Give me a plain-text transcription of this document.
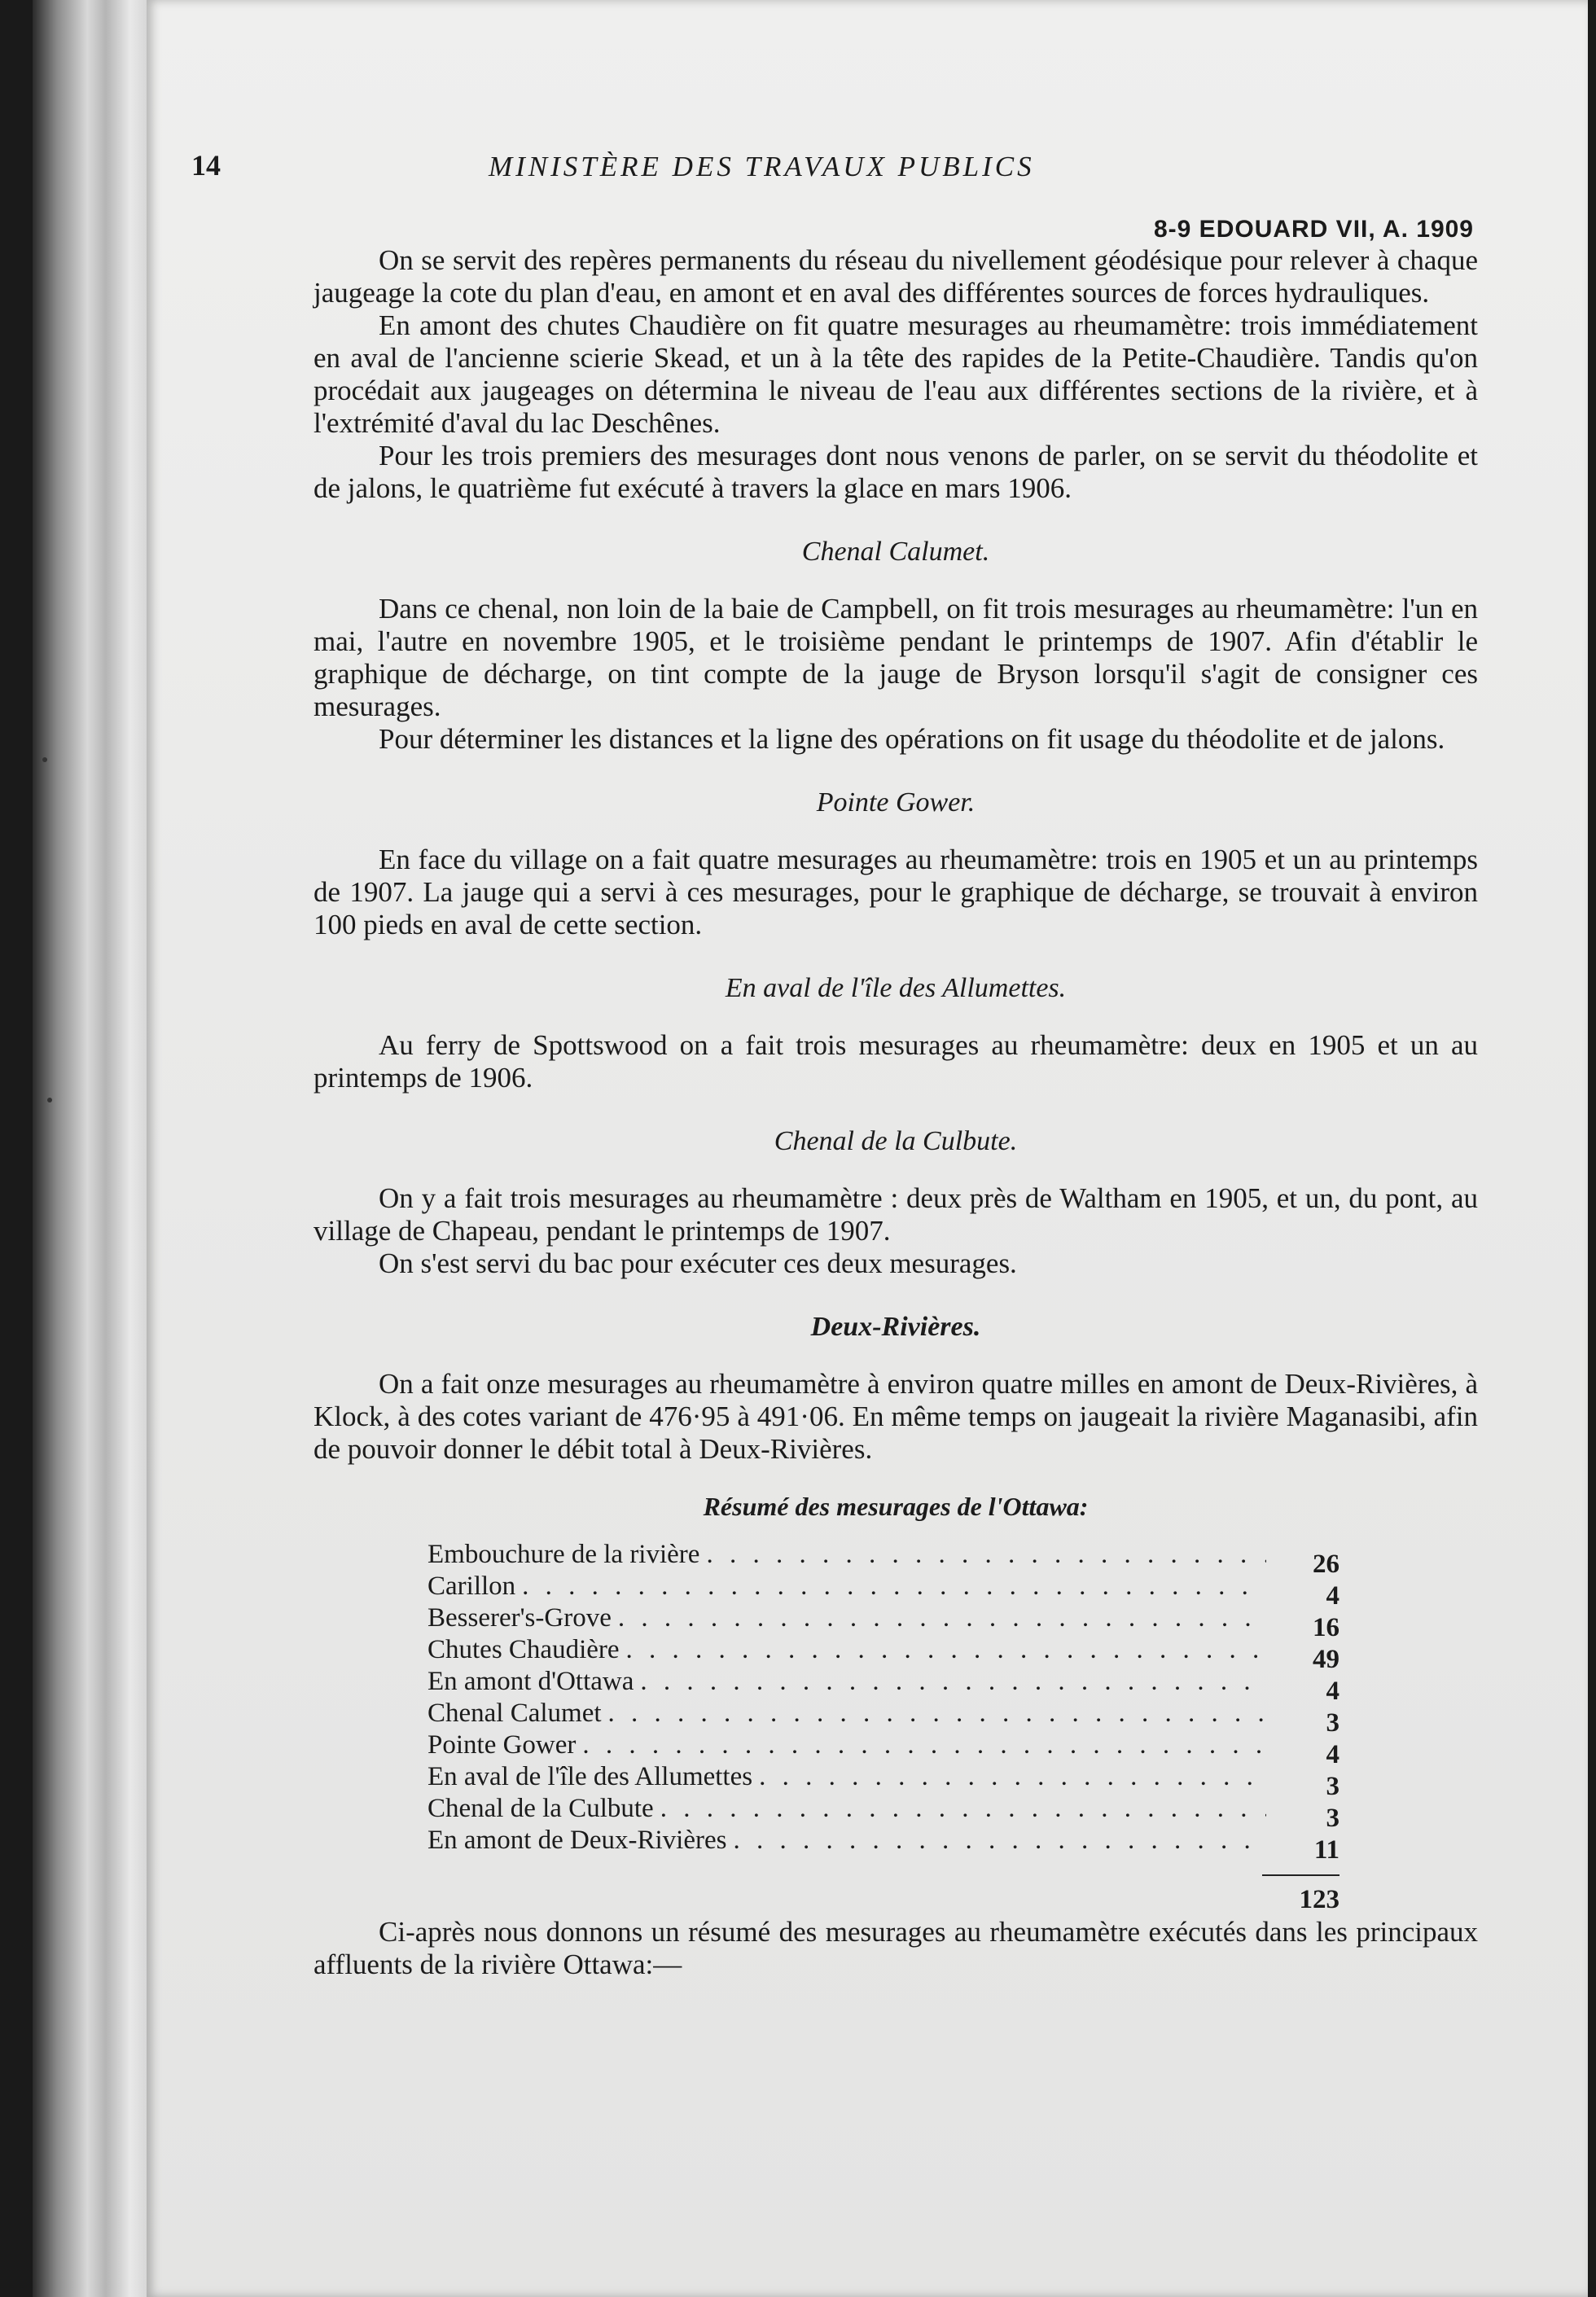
14	MINISTÈRE DES TRAVAUX PUBLICS
8-9 EDOUARD VII, A. 1909

On se servit des repères permanents du réseau du nivellement géodésique pour relever à chaque jaugeage la cote du plan d'eau, en amont et en aval des différentes sources de forces hydrauliques.

En amont des chutes Chaudière on fit quatre mesurages au rheumamètre: trois immédiatement en aval de l'ancienne scierie Skead, et un à la tête des rapides de la Petite-Chaudière. Tandis qu'on procédait aux jaugeages on détermina le niveau de l'eau aux différentes sections de la rivière, et à l'extrémité d'aval du lac Deschênes.

Pour les trois premiers des mesurages dont nous venons de parler, on se servit du théodolite et de jalons, le quatrième fut exécuté à travers la glace en mars 1906.

Chenal Calumet.

Dans ce chenal, non loin de la baie de Campbell, on fit trois mesurages au rheumamètre: l'un en mai, l'autre en novembre 1905, et le troisième pendant le printemps de 1907. Afin d'établir le graphique de décharge, on tint compte de la jauge de Bryson lorsqu'il s'agit de consigner ces mesurages.

Pour déterminer les distances et la ligne des opérations on fit usage du théodolite et de jalons.

Pointe Gower.

En face du village on a fait quatre mesurages au rheumamètre: trois en 1905 et un au printemps de 1907. La jauge qui a servi à ces mesurages, pour le graphique de décharge, se trouvait à environ 100 pieds en aval de cette section.

En aval de l'île des Allumettes.

Au ferry de Spottswood on a fait trois mesurages au rheumamètre: deux en 1905 et un au printemps de 1906.

Chenal de la Culbute.

On y a fait trois mesurages au rheumamètre : deux près de Waltham en 1905, et un, du pont, au village de Chapeau, pendant le printemps de 1907.

On s'est servi du bac pour exécuter ces deux mesurages.

Deux-Rivières.

On a fait onze mesurages au rheumamètre à environ quatre milles en amont de Deux-Rivières, à Klock, à des cotes variant de 476·95 à 491·06. En même temps on jaugeait la rivière Maganasibi, afin de pouvoir donner le débit total à Deux-Rivières.

Résumé des mesurages de l'Ottawa:
Embouchure de la rivière . . .	26
Carillon . . .	4
Besserer's-Grove . . .	16
Chutes Chaudière . . .	49
En amont d'Ottawa . . .	4
Chenal Calumet . . .	3
Pointe Gower . . .	4
En aval de l'île des Allumettes . . .	3
Chenal de la Culbute . . .	3
En amont de Deux-Rivières . . .	11
123

Ci-après nous donnons un résumé des mesurages au rheumamètre exécutés dans les principaux affluents de la rivière Ottawa:—
